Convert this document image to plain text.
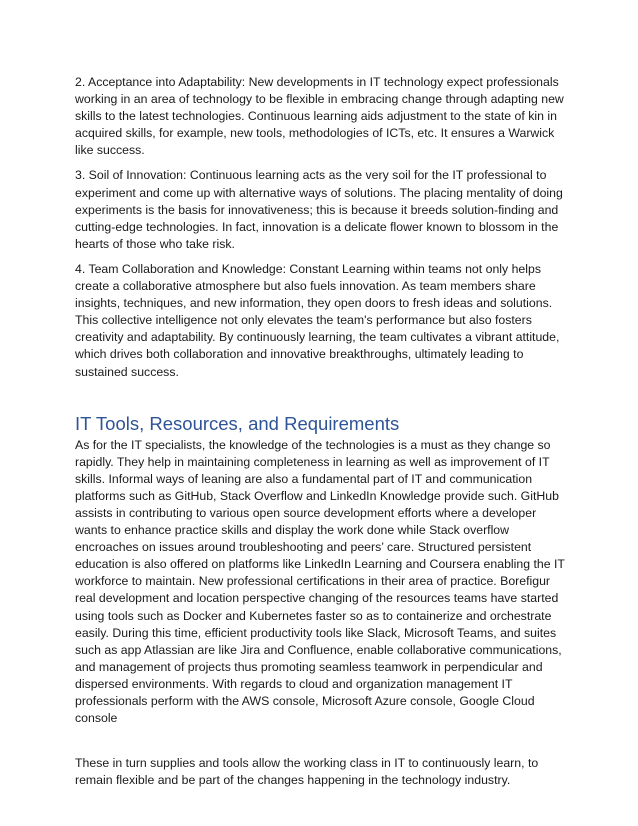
2. Acceptance into Adaptability: New developments in IT technology expect professionals working in an area of technology to be flexible in embracing change through adapting new skills to the latest technologies. Continuous learning aids adjustment to the state of kin in acquired skills, for example, new tools, methodologies of ICTs, etc. It ensures a Warwick like success.

3. Soil of Innovation: Continuous learning acts as the very soil for the IT professional to experiment and come up with alternative ways of solutions. The placing mentality of doing experiments is the basis for innovativeness; this is because it breeds solution-finding and cutting-edge technologies. In fact, innovation is a delicate flower known to blossom in the hearts of those who take risk.

4. Team Collaboration and Knowledge: Constant Learning within teams not only helps create a collaborative atmosphere but also fuels innovation. As team members share insights, techniques, and new information, they open doors to fresh ideas and solutions. This collective intelligence not only elevates the team's performance but also fosters creativity and adaptability. By continuously learning, the team cultivates a vibrant attitude, which drives both collaboration and innovative breakthroughs, ultimately leading to sustained success.

IT Tools, Resources, and Requirements

As for the IT specialists, the knowledge of the technologies is a must as they change so rapidly. They help in maintaining completeness in learning as well as improvement of IT skills. Informal ways of leaning are also a fundamental part of IT and communication platforms such as GitHub, Stack Overflow and LinkedIn Knowledge provide such. GitHub assists in contributing to various open source development efforts where a developer wants to enhance practice skills and display the work done while Stack overflow encroaches on issues around troubleshooting and peers’ care. Structured persistent education is also offered on platforms like LinkedIn Learning and Coursera enabling the IT workforce to maintain. New professional certifications in their area of practice. Borefigur real development and location perspective changing of the resources teams have started using tools such as Docker and Kubernetes faster so as to containerize and orchestrate easily. During this time, efficient productivity tools like Slack, Microsoft Teams, and suites such as app Atlassian are like Jira and Confluence, enable collaborative communications, and management of projects thus promoting seamless teamwork in perpendicular and dispersed environments. With regards to cloud and organization management IT professionals perform with the AWS console, Microsoft Azure console, Google Cloud console

These in turn supplies and tools allow the working class in IT to continuously learn, to remain flexible and be part of the changes happening in the technology industry.
